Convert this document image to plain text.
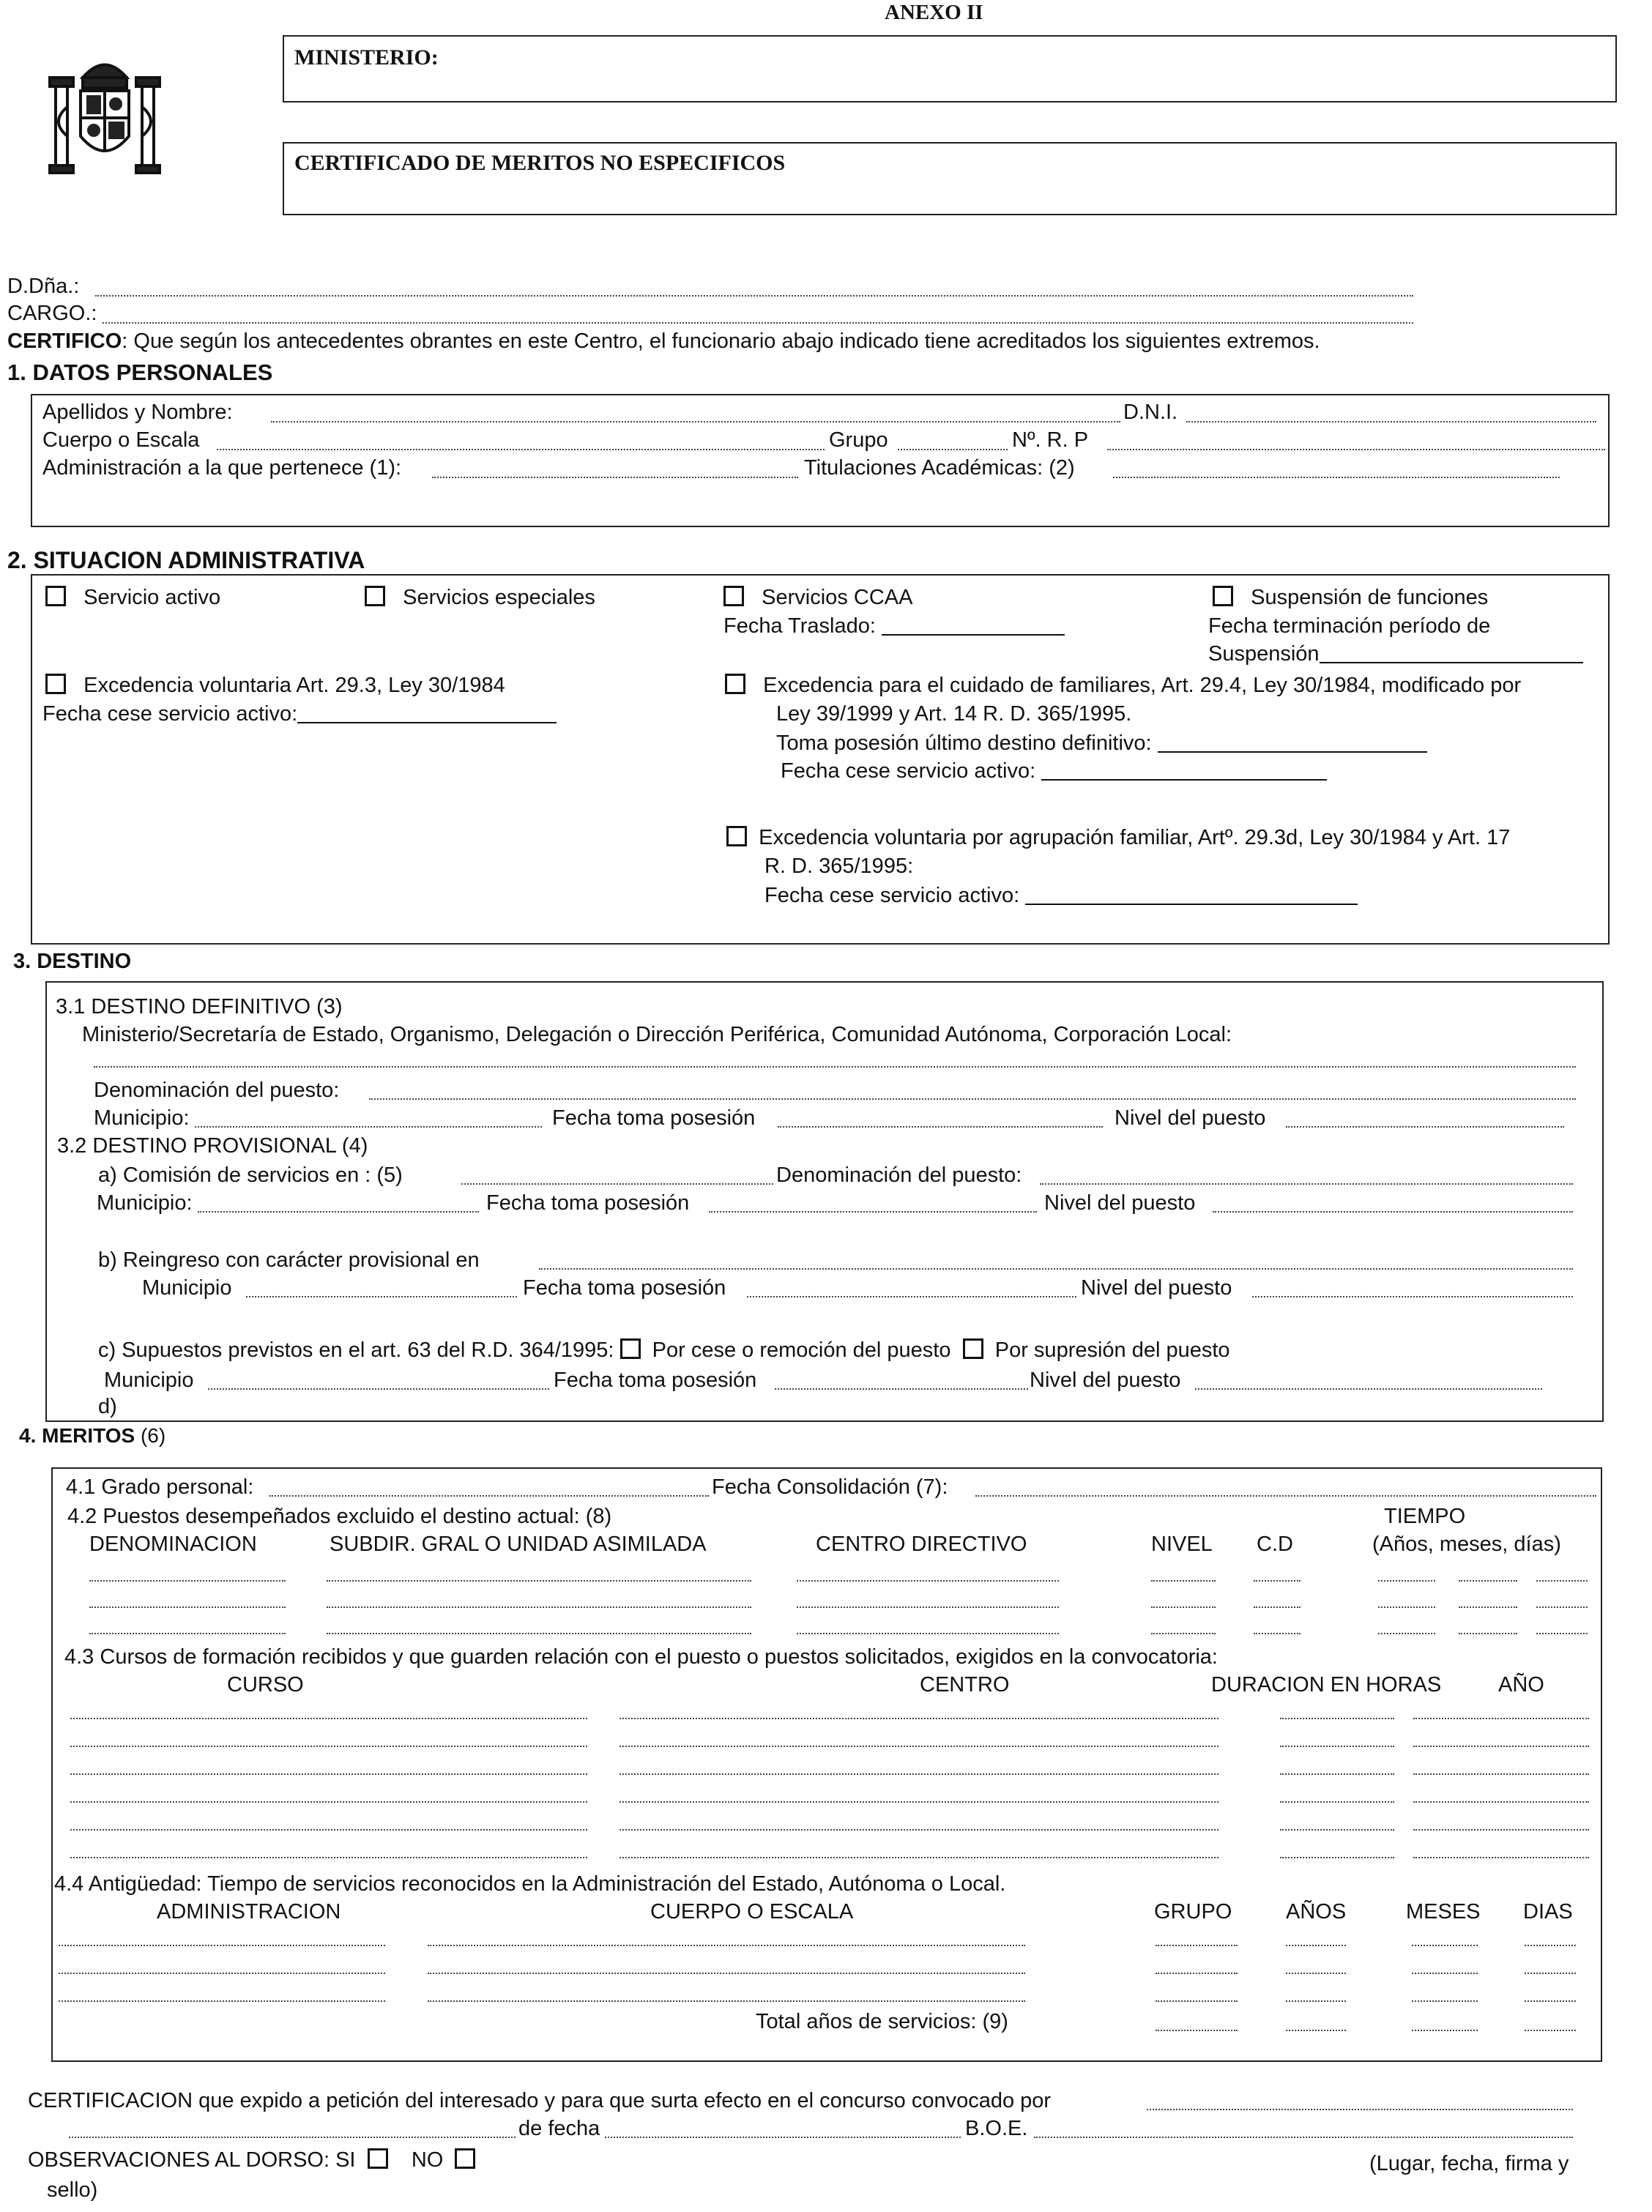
ANEXO II
MINISTERIO:
CERTIFICADO DE MERITOS NO ESPECIFICOS
D.Dña.:
CARGO.:
CERTIFICO: Que según los antecedentes obrantes en este Centro, el funcionario abajo indicado tiene acreditados los siguientes extremos.
1. DATOS PERSONALES
Apellidos y Nombre:	D.N.I.
Cuerpo o Escala	Grupo	Nº. R. P
Administración a la que pertenece (1):	Titulaciones Académicas: (2)
2. SITUACION ADMINISTRATIVA
Servicio activo	Servicios especiales	Servicios CCAA
Fecha Traslado:
Suspensión de funciones
Fecha terminación período de
Suspensión
Excedencia voluntaria Art. 29.3, Ley 30/1984
Fecha cese servicio activo:
Excedencia para el cuidado de familiares, Art. 29.4, Ley 30/1984, modificado por
Ley 39/1999 y Art. 14 R. D. 365/1995.
Toma posesión último destino definitivo:
Fecha cese servicio activo:
Excedencia voluntaria por agrupación familiar, Artº. 29.3d, Ley 30/1984 y Art. 17
R. D. 365/1995:
Fecha cese servicio activo:
3. DESTINO
3.1 DESTINO DEFINITIVO (3)
Ministerio/Secretaría de Estado, Organismo, Delegación o Dirección Periférica, Comunidad Autónoma, Corporación Local:
Denominación del puesto:
Municipio:	Fecha toma posesión	Nivel del puesto
3.2 DESTINO PROVISIONAL (4)
a) Comisión de servicios en : (5)	Denominación del puesto:
Municipio:	Fecha toma posesión	Nivel del puesto
b) Reingreso con carácter provisional en
Municipio	Fecha toma posesión	Nivel del puesto
c) Supuestos previstos en el art. 63 del R.D. 364/1995: Por cese o remoción del puesto Por supresión del puesto
Municipio	Fecha toma posesión	Nivel del puesto
d)
4. MERITOS (6)
4.1 Grado personal:	Fecha Consolidación (7):
4.2 Puestos desempeñados excluido el destino actual: (8)	TIEMPO
DENOMINACION	SUBDIR. GRAL O UNIDAD ASIMILADA	CENTRO DIRECTIVO	NIVEL C.D	(Años, meses, días)
4.3 Cursos de formación recibidos y que guarden relación con el puesto o puestos solicitados, exigidos en la convocatoria:
CURSO	CENTRO	DURACION EN HORAS	AÑO
4.4 Antigüedad: Tiempo de servicios reconocidos en la Administración del Estado, Autónoma o Local.
ADMINISTRACION	CUERPO O ESCALA	GRUPO	AÑOS	MESES DIAS
Total años de servicios: (9)
CERTIFICACION que expido a petición del interesado y para que surta efecto en el concurso convocado por
de fecha	B.O.E.
OBSERVACIONES AL DORSO: SI	NO	(Lugar, fecha, firma y
sello)
